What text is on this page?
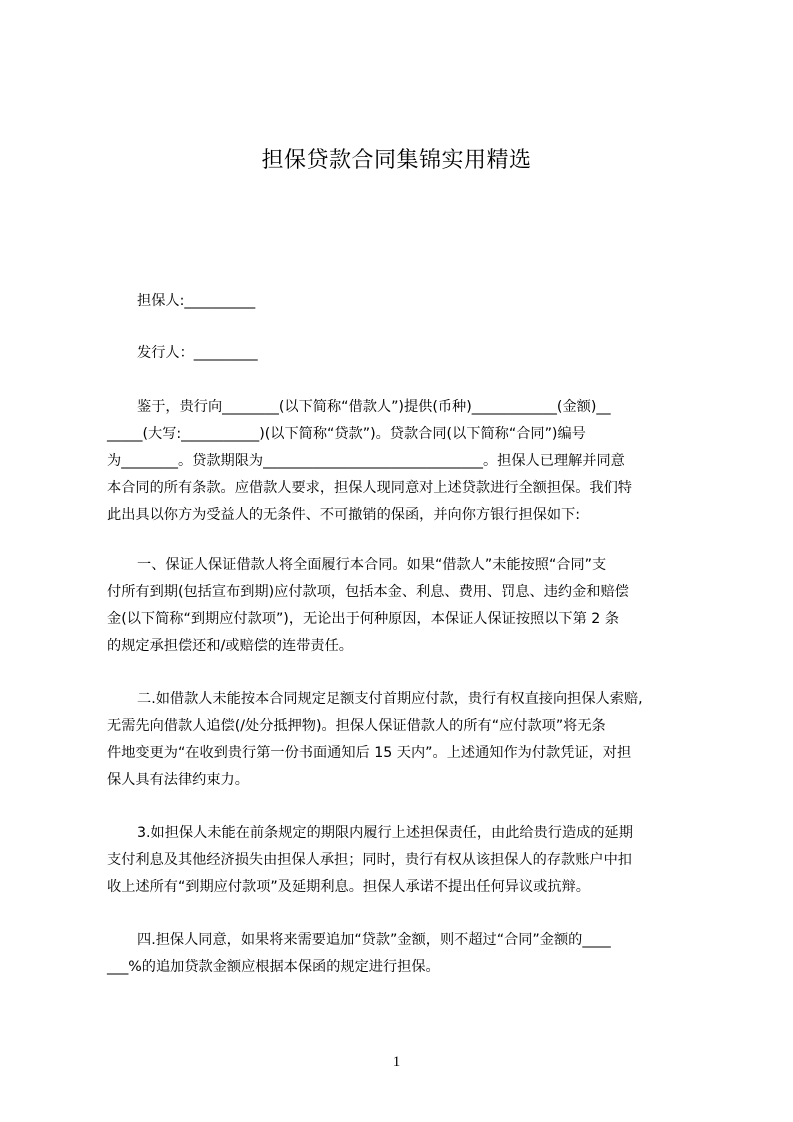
担保贷款合同集锦实用精选
担保人:__________
发行人：_________
鉴于，贵行向________(以下简称“借款人”)提供(币种)____________(金额)__
_____(大写:___________)(以下简称“贷款”)。贷款合同(以下简称“合同”)编号
为________。贷款期限为_______________________________。担保人已理解并同意
本合同的所有条款。应借款人要求，担保人现同意对上述贷款进行全额担保。我们特
此出具以你方为受益人的无条件、不可撤销的保函，并向你方银行担保如下:
一、保证人保证借款人将全面履行本合同。如果“借款人”未能按照“合同”支
付所有到期(包括宣布到期)应付款项，包括本金、利息、费用、罚息、违约金和赔偿
金(以下简称“到期应付款项”)，无论出于何种原因，本保证人保证按照以下第 2 条
的规定承担偿还和/或赔偿的连带责任。
二.如借款人未能按本合同规定足额支付首期应付款，贵行有权直接向担保人索赔,
无需先向借款人追偿(/处分抵押物)。担保人保证借款人的所有“应付款项”将无条
件地变更为“在收到贵行第一份书面通知后 15 天内”。上述通知作为付款凭证，对担
保人具有法律约束力。
3.如担保人未能在前条规定的期限内履行上述担保责任，由此给贵行造成的延期
支付利息及其他经济损失由担保人承担；同时，贵行有权从该担保人的存款账户中扣
收上述所有“到期应付款项”及延期利息。担保人承诺不提出任何异议或抗辩。
四.担保人同意，如果将来需要追加“贷款”金额，则不超过“合同”金额的____
___%的追加贷款金额应根据本保函的规定进行担保。
1
